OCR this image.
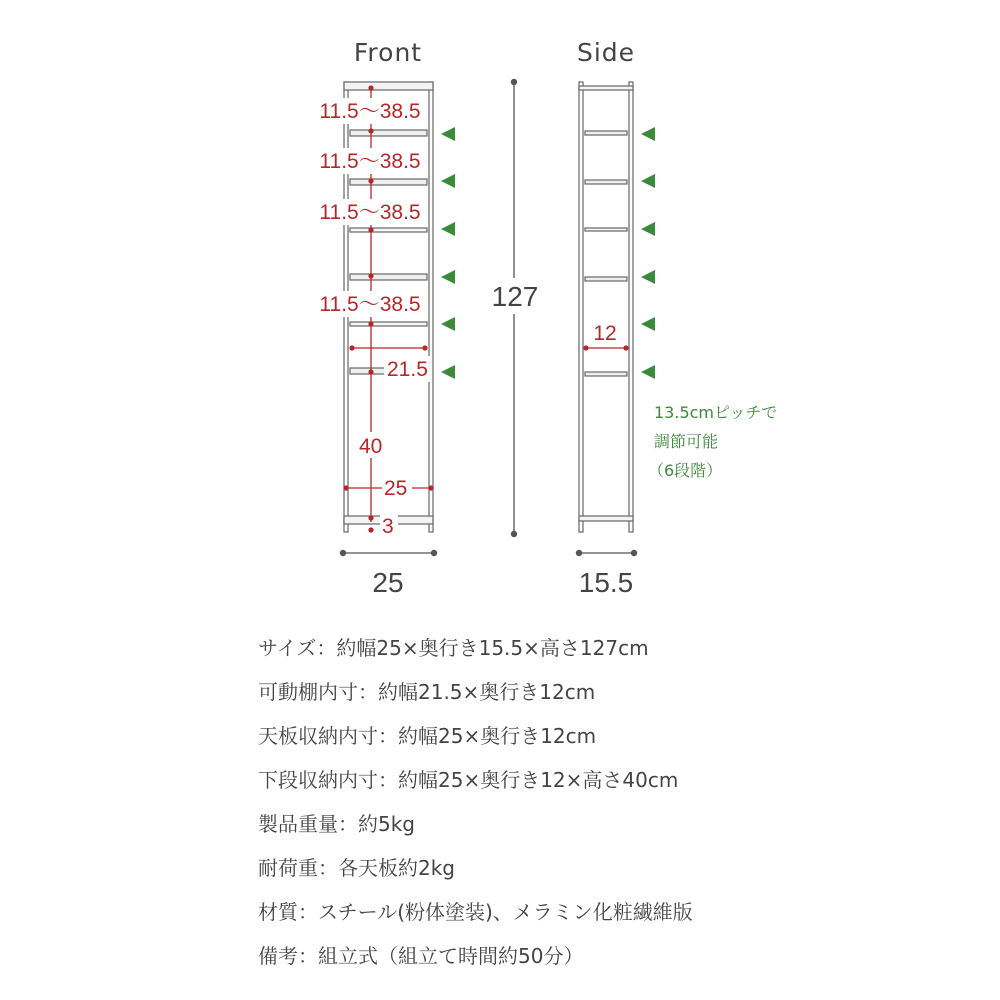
Front
11.5～38.5
11.5～38.5
11.5～38.5
11.5～38.5
21.5
40
25
3
25
127
Side
12
15.5
13.5cmピッチで
調節可能
（6段階）
サイズ：約幅25×奥行き15.5×高さ127cm
可動棚内寸：約幅21.5×奥行き12cm
天板収納内寸：約幅25×奥行き12cm
下段収納内寸：約幅25×奥行き12×高さ40cm
製品重量：約5kg
耐荷重：各天板約2kg
材質：スチール(粉体塗装)、メラミン化粧繊維版
備考：組立式（組立て時間約50分）
